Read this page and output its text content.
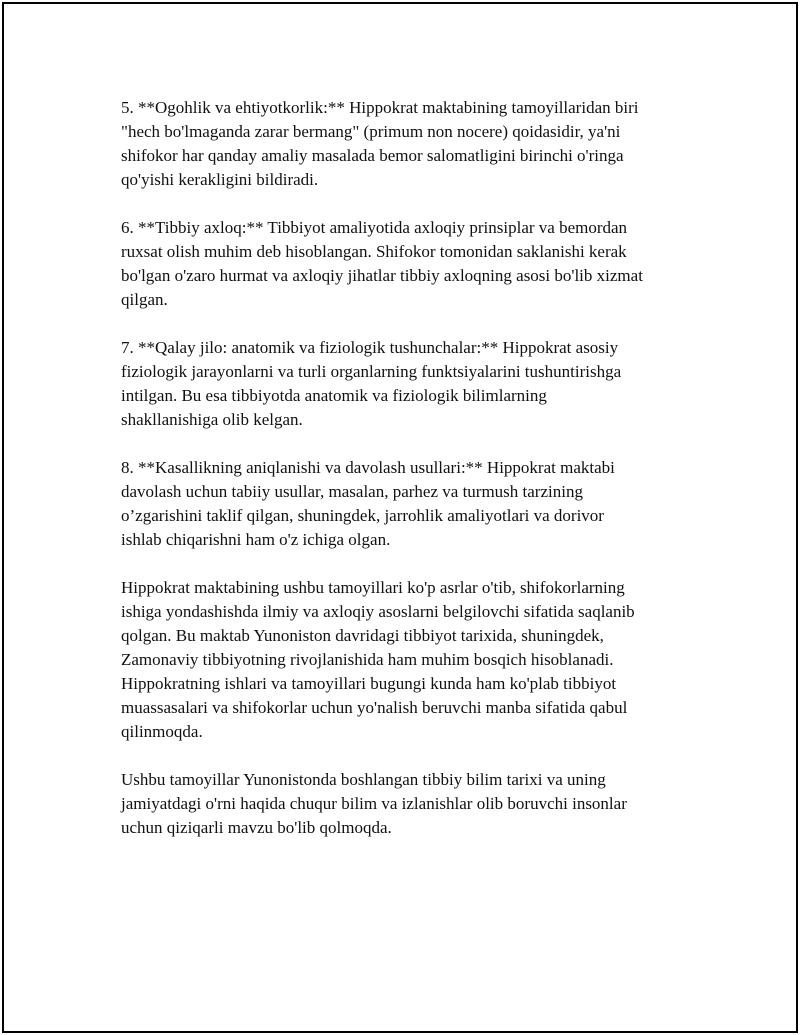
5. **Ogohlik va ehtiyotkorlik:** Hippokrat maktabining tamoyillaridan biri
"hech bo'lmaganda zarar bermang" (primum non nocere) qoidasidir, ya'ni
shifokor har qanday amaliy masalada bemor salomatligini birinchi o'ringa
qo'yishi kerakligini bildiradi.

6. **Tibbiy axloq:** Tibbiyot amaliyotida axloqiy prinsiplar va bemordan
ruxsat olish muhim deb hisoblangan. Shifokor tomonidan saklanishi kerak
bo'lgan o'zaro hurmat va axloqiy jihatlar tibbiy axloqning asosi bo'lib xizmat
qilgan.

7. **Qalay jilo: anatomik va fiziologik tushunchalar:** Hippokrat asosiy
fiziologik jarayonlarni va turli organlarning funktsiyalarini tushuntirishga
intilgan. Bu esa tibbiyotda anatomik va fiziologik bilimlarning
shakllanishiga olib kelgan.

8. **Kasallikning aniqlanishi va davolash usullari:** Hippokrat maktabi
davolash uchun tabiiy usullar, masalan, parhez va turmush tarzining
o’zgarishini taklif qilgan, shuningdek, jarrohlik amaliyotlari va dorivor
ishlab chiqarishni ham o'z ichiga olgan.

Hippokrat maktabining ushbu tamoyillari ko'p asrlar o'tib, shifokorlarning
ishiga yondashishda ilmiy va axloqiy asoslarni belgilovchi sifatida saqlanib
qolgan. Bu maktab Yunoniston davridagi tibbiyot tarixida, shuningdek,
Zamonaviy tibbiyotning rivojlanishida ham muhim bosqich hisoblanadi.
Hippokratning ishlari va tamoyillari bugungi kunda ham ko'plab tibbiyot
muassasalari va shifokorlar uchun yo'nalish beruvchi manba sifatida qabul
qilinmoqda.

Ushbu tamoyillar Yunonistonda boshlangan tibbiy bilim tarixi va uning
jamiyatdagi o'rni haqida chuqur bilim va izlanishlar olib boruvchi insonlar
uchun qiziqarli mavzu bo'lib qolmoqda.
